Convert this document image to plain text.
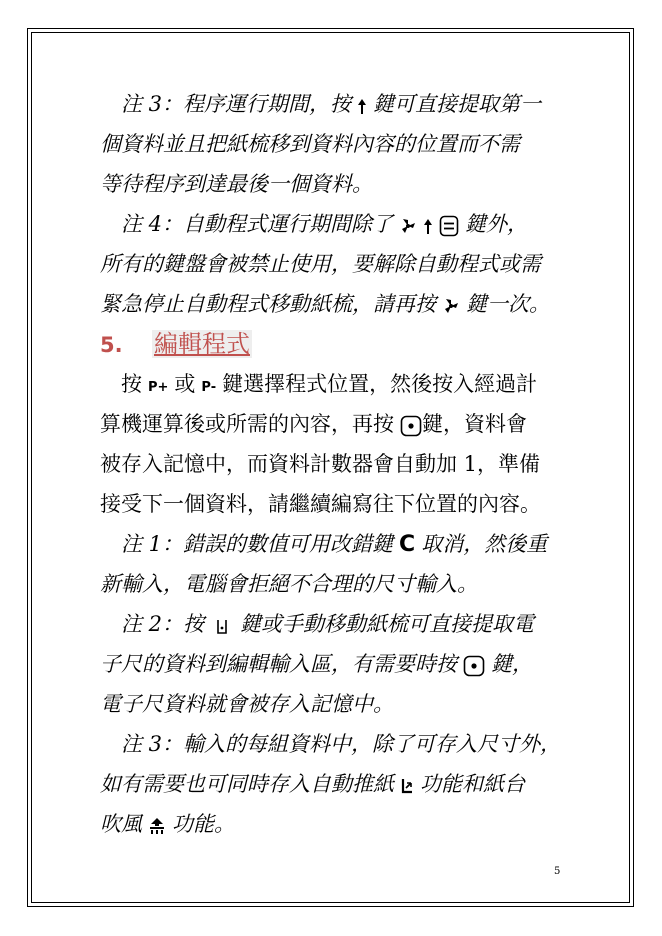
注 3：程序運行期間，按 鍵可直接提取第一
個資料並且把紙梳移到資料內容的位置而不需
等待程序到達最後一個資料。
注 4：自動程式運行期間除了	鍵外，
所有的鍵盤會被禁止使用，要解除自動程式或需
緊急停止自動程式移動紙梳，請再按 鍵一次。
5. 編輯程式
按 P+ 或 P- 鍵選擇程式位置，然後按入經過計
算機運算後或所需的內容，再按 鍵，資料會
被存入記憶中，而資料計數器會自動加 1，準備
接受下一個資料，請繼續編寫往下位置的內容。
注 1：錯誤的數值可用改錯鍵 C 取消，然後重
新輸入，電腦會拒絕不合理的尺寸輸入。
注 2：按 鍵或手動移動紙梳可直接提取電
子尺的資料到編輯輸入區，有需要時按 鍵，
電子尺資料就會被存入記憶中。
注 3：輸入的每組資料中，除了可存入尺寸外，
如有需要也可同時存入自動推紙 功能和紙台
吹風 功能。
5
